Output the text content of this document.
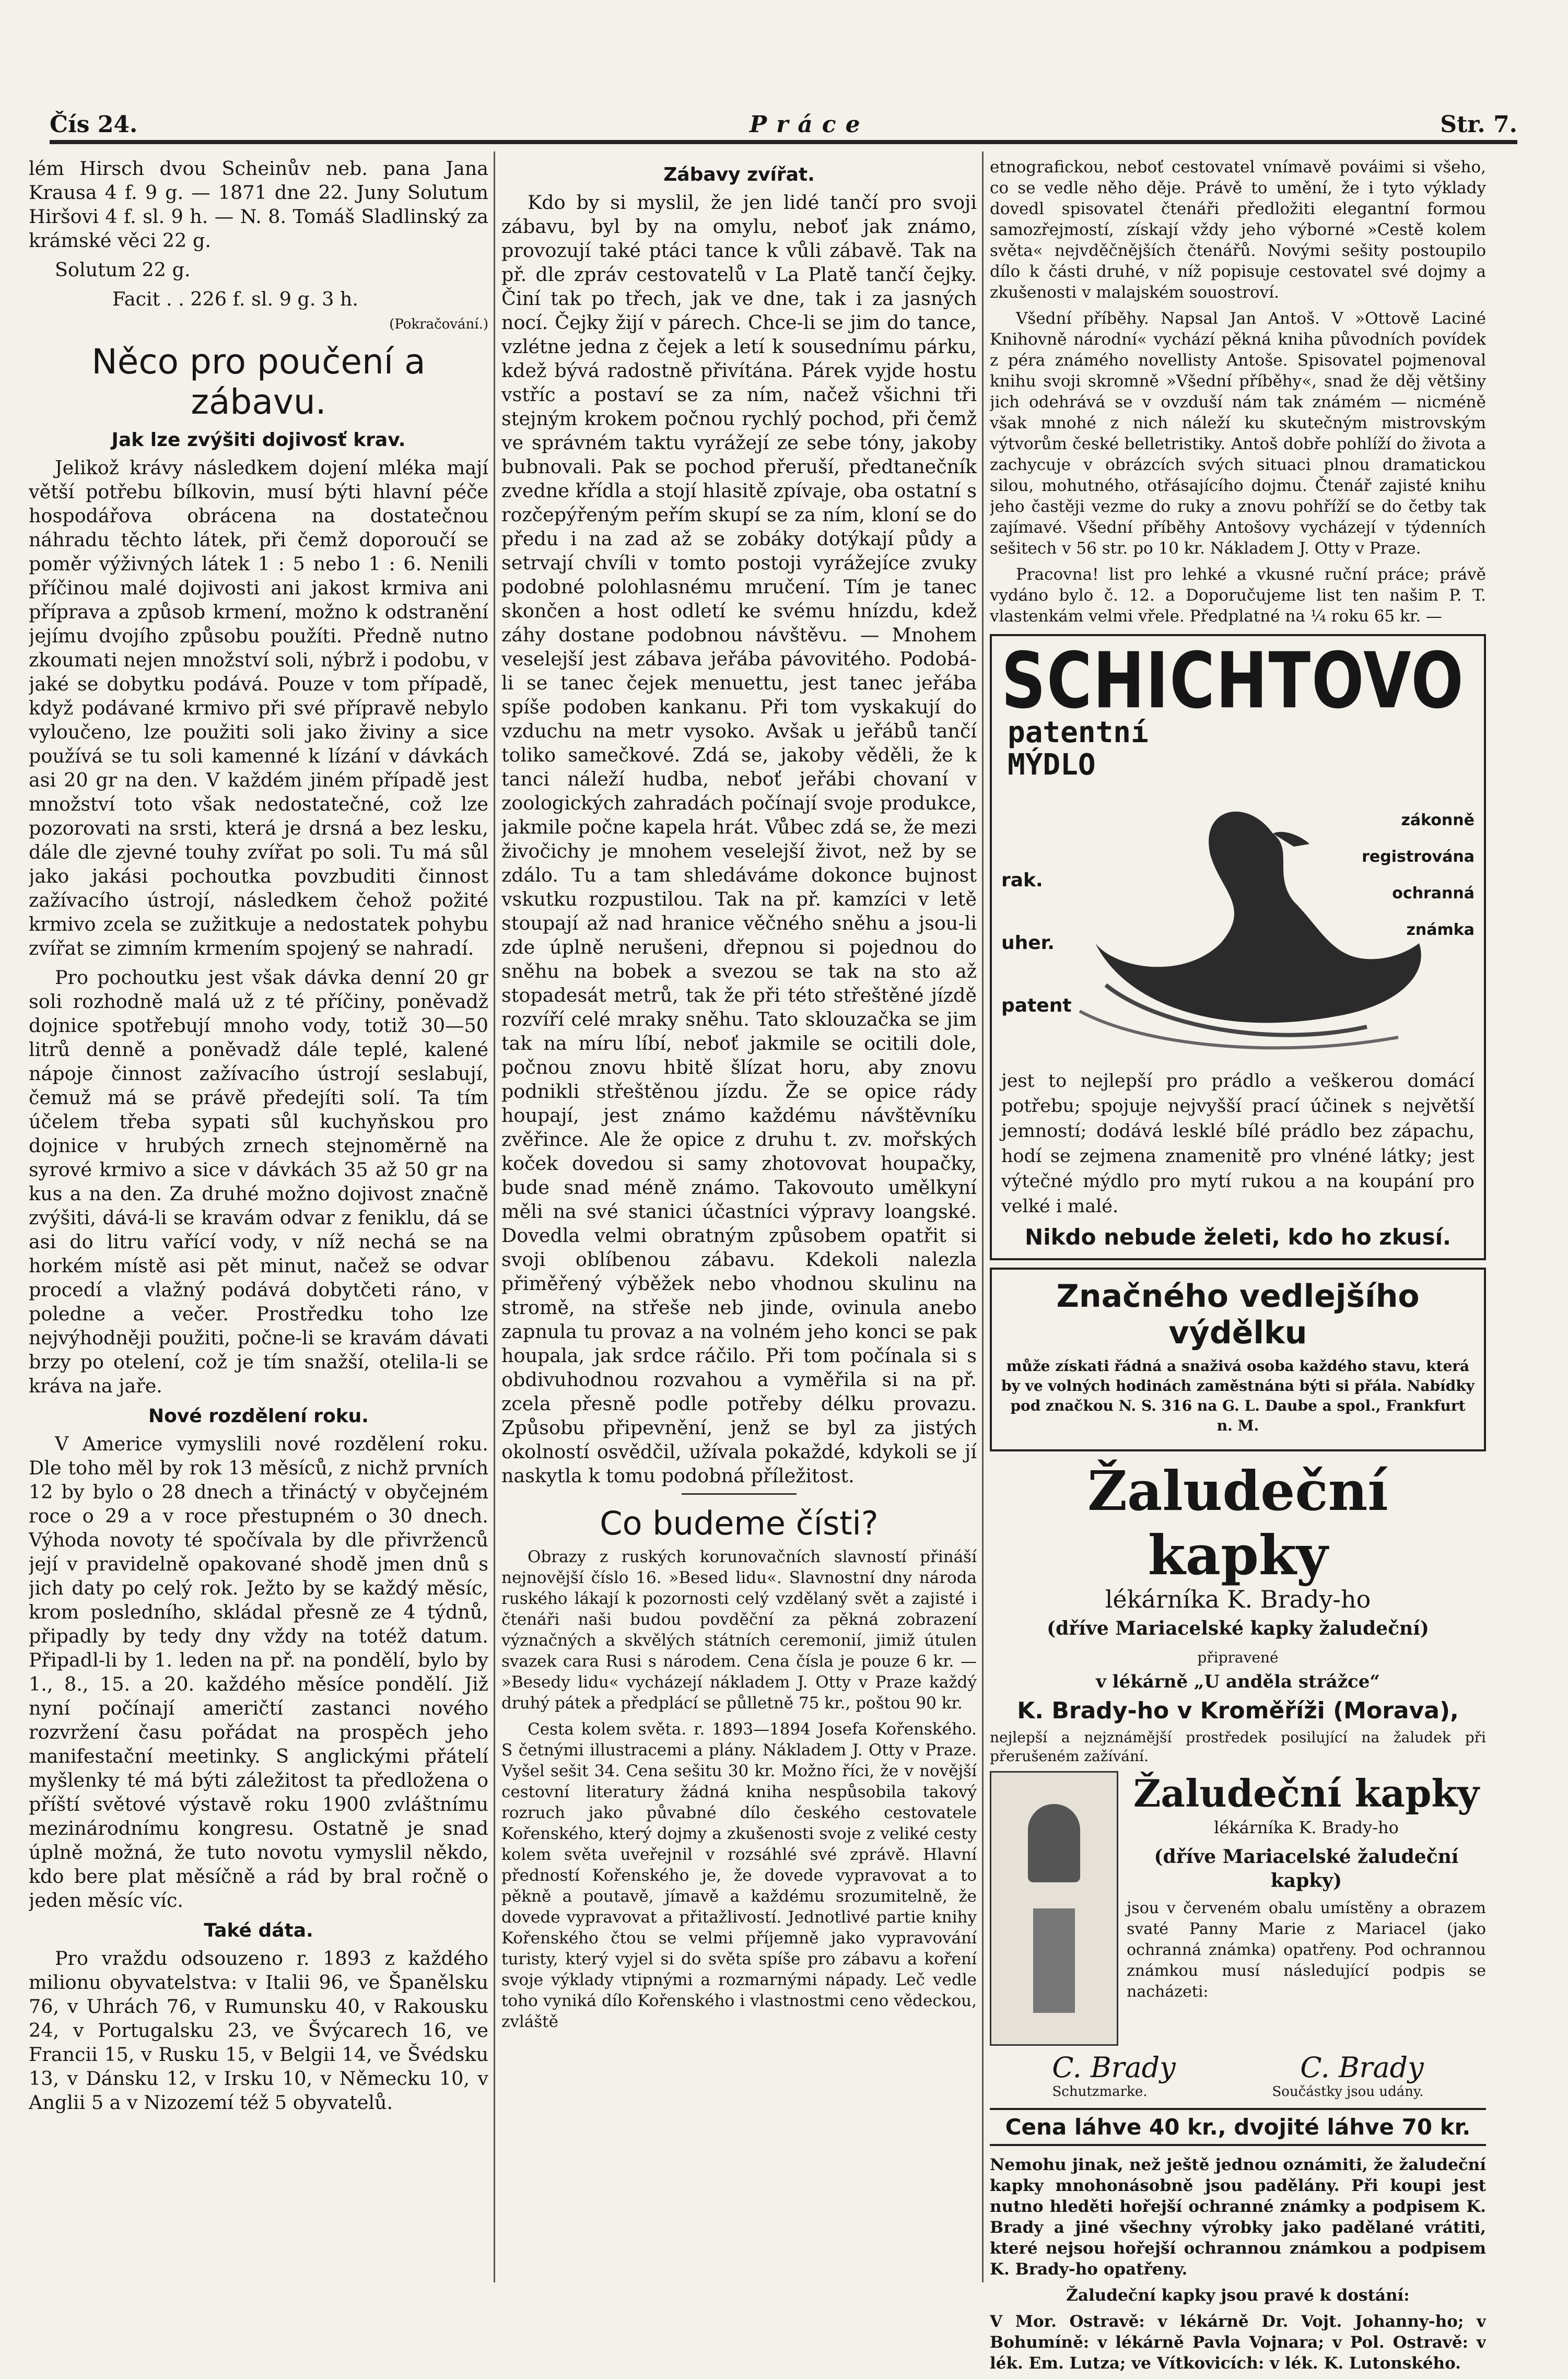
Čís 24.	Práce	Str. 7.

lém Hirsch dvou Scheinův neb. pana Jana Krausa 4 f. 9 g. — 1871 dne 22. Juny Solutum Hiršovi 4 f. sl. 9 h. — N. 8. Tomáš Sladlinský za krámské věci 22 g.

Solutum 22 g.

Facit . . 226 f. sl. 9 g. 3 h.

(Pokračování.)
Něco pro poučení a zábavu.
Jak lze zvýšiti dojivosť krav.

Jelikož krávy následkem dojení mléka mají větší potřebu bílkovin, musí býti hlavní péče hospodářova obrácena na dostatečnou náhradu těchto látek, při čemž doporoučí se poměr výživných látek 1 : 5 nebo 1 : 6. Nenili příčinou malé dojivosti ani jakost krmiva ani příprava a způsob krmení, možno k odstranění jejímu dvojího způsobu použíti. Předně nutno zkoumati nejen množství soli, nýbrž i podobu, v jaké se dobytku podává. Pouze v tom případě, když podávané krmivo při své přípravě nebylo vyloučeno, lze použiti soli jako živiny a sice používá se tu soli kamenné k lízání v dávkách asi 20 gr na den. V každém jiném případě jest množství toto však nedostatečné, což lze pozorovati na srsti, která je drsná a bez lesku, dále dle zjevné touhy zvířat po soli. Tu má sůl jako jakási pochoutka povzbuditi činnost zažívacího ústrojí, následkem čehož požité krmivo zcela se zužitkuje a nedostatek pohybu zvířat se zimním krmením spojený se nahradí.

Pro pochoutku jest však dávka denní 20 gr soli rozhodně malá už z té příčiny, poněvadž dojnice spotřebují mnoho vody, totiž 30—50 litrů denně a poněvadž dále teplé, kalené nápoje činnost zažívacího ústrojí seslabují, čemuž má se právě předejíti solí. Ta tím účelem třeba sypati sůl kuchyňskou pro dojnice v hrubých zrnech stejnoměrně na syrové krmivo a sice v dávkách 35 až 50 gr na kus a na den. Za druhé možno dojivost značně zvýšiti, dává-li se kravám odvar z feniklu, dá se asi do litru vařící vody, v níž nechá se na horkém místě asi pět minut, načež se odvar procedí a vlažný podává dobytčeti ráno, v poledne a večer. Prostředku toho lze nejvýhodněji použiti, počne-li se kravám dávati brzy po otelení, což je tím snažší, otelila-li se kráva na jaře.

Nové rozdělení roku.

V Americe vymyslili nové rozdělení roku. Dle toho měl by rok 13 měsíců, z nichž prvních 12 by bylo o 28 dnech a třináctý v obyčejném roce o 29 a v roce přestupném o 30 dnech. Výhoda novoty té spočívala by dle přivrženců její v pravidelně opakované shodě jmen dnů s jich daty po celý rok. Ježto by se každý měsíc, krom posledního, skládal přesně ze 4 týdnů, připadly by tedy dny vždy na totéž datum. Připadl-li by 1. leden na př. na pondělí, bylo by 1., 8., 15. a 20. každého měsíce pondělí. Již nyní počínají američtí zastanci nového rozvržení času pořádat na prospěch jeho manifestační meetinky. S anglickými přátelí myšlenky té má býti záležitost ta předložena o příští světové výstavě roku 1900 zvláštnímu mezinárodnímu kongresu. Ostatně je snad úplně možná, že tuto novotu vymyslil někdo, kdo bere plat měsíčně a rád by bral ročně o jeden měsíc víc.

Také dáta.

Pro vraždu odsouzeno r. 1893 z každého milionu obyvatelstva: v Italii 96, ve Španělsku 76, v Uhrách 76, v Rumunsku 40, v Rakousku 24, v Portugalsku 23, ve Švýcarech 16, ve Francii 15, v Rusku 15, v Belgii 14, ve Švédsku 13, v Dánsku 12, v Irsku 10, v Německu 10, v Anglii 5 a v Nizozemí též 5 obyvatelů.

Zábavy zvířat.

Kdo by si myslil, že jen lidé tančí pro svoji zábavu, byl by na omylu, neboť jak známo, provozují také ptáci tance k vůli zábavě. Tak na př. dle zpráv cestovatelů v La Platě tančí čejky. Činí tak po třech, jak ve dne, tak i za jasných nocí. Čejky žijí v párech. Chce-li se jim do tance, vzlétne jedna z čejek a letí k sousednímu párku, kdež bývá radostně přivítána. Párek vyjde hostu vstříc a postaví se za ním, načež všichni tři stejným krokem počnou rychlý pochod, při čemž ve správném taktu vyrážejí ze sebe tóny, jakoby bubnovali. Pak se pochod přeruší, předtanečník zvedne křídla a stojí hlasitě zpívaje, oba ostatní s rozčepýřeným peřím skupí se za ním, kloní se do předu i na zad až se zobáky dotýkají půdy a setrvají chvíli v tomto postoji vyrážejíce zvuky podobné polohlasnému mručení. Tím je tanec skončen a host odletí ke svému hnízdu, kdež záhy dostane podobnou návštěvu. — Mnohem veselejší jest zábava jeřába pávovitého. Podobá-li se tanec čejek menuettu, jest tanec jeřába spíše podoben kankanu. Při tom vyskakují do vzduchu na metr vysoko. Avšak u jeřábů tančí toliko samečkové. Zdá se, jakoby věděli, že k tanci náleží hudba, neboť jeřábi chovaní v zoologických zahradách počínají svoje produkce, jakmile počne kapela hrát. Vůbec zdá se, že mezi živočichy je mnohem veselejší život, než by se zdálo. Tu a tam shledáváme dokonce bujnost vskutku rozpustilou. Tak na př. kamzíci v letě stoupají až nad hranice věčného sněhu a jsou-li zde úplně nerušeni, dřepnou si pojednou do sněhu na bobek a svezou se tak na sto až stopadesát metrů, tak že při této střeštěné jízdě rozvíří celé mraky sněhu. Tato sklouzačka se jim tak na míru líbí, neboť jakmile se ocitili dole, počnou znovu hbitě šlízat horu, aby znovu podnikli střeštěnou jízdu. Že se opice rády houpají, jest známo každému návštěvníku zvěřince. Ale že opice z druhu t. zv. mořských koček dovedou si samy zhotovovat houpačky, bude snad méně známo. Takovouto umělkyní měli na své stanici účastníci výpravy loangské. Dovedla velmi obratným způsobem opatřit si svoji oblíbenou zábavu. Kdekoli nalezla přiměřený výběžek nebo vhodnou skulinu na stromě, na střeše neb jinde, ovinula anebo zapnula tu provaz a na volném jeho konci se pak houpala, jak srdce ráčilo. Při tom počínala si s obdivuhodnou rozvahou a vyměřila si na př. zcela přesně podle potřeby délku provazu. Způsobu připevnění, jenž se byl za jistých okolností osvědčil, užívala pokaždé, kdykoli se jí naskytla k tomu podobná příležitost.

Co budeme čísti?

Obrazy z ruských korunovačních slavností přináší nejnovější číslo 16. »Besed lidu«. Slavnostní dny národa ruského lákají k pozornosti celý vzdělaný svět a zajisté i čtenáři naši budou povděční za pěkná zobrazení význačných a skvělých státních ceremonií, jimiž útulen svazek cara Rusi s národem. Cena čísla je pouze 6 kr. — »Besedy lidu« vycházejí nákladem J. Otty v Praze každý druhý pátek a předplácí se půlletně 75 kr., poštou 90 kr.

Cesta kolem světa. r. 1893—1894 Josefa Kořenského. S četnými illustracemi a plány. Nákladem J. Otty v Praze. Vyšel sešit 34. Cena sešitu 30 kr. Možno říci, že v novější cestovní literatury žádná kniha nespůsobila takový rozruch jako půvabné dílo českého cestovatele Kořenského, který dojmy a zkušenosti svoje z veliké cesty kolem světa uveřejnil v rozsáhlé své zprávě. Hlavní předností Kořenského je, že dovede vypravovat a to pěkně a poutavě, jímavě a každému srozumitelně, že dovede vypravovat a přitažlivostí. Jednotlivé partie knihy Kořenského čtou se velmi příjemně jako vypravování turisty, který vyjel si do světa spíše pro zábavu a koření svoje výklady vtipnými a rozmarnými nápady. Leč vedle toho vyniká dílo Kořenského i vlastnostmi ceno vědeckou, zvláště

etnografickou, neboť cestovatel vnímavě pováimi si všeho, co se vedle něho děje. Právě to umění, že i tyto výklady dovedl spisovatel čtenáři předložiti elegantní formou samozřejmostí, získají vždy jeho výborné »Cestě kolem světa« nejvděčnějších čtenářů. Novými sešity postoupilo dílo k části druhé, v níž popisuje cestovatel své dojmy a zkušenosti v malajském souostroví.

Všední příběhy. Napsal Jan Antoš. V »Ottově Laciné Knihovně národní« vychází pěkná kniha původních povídek z péra známého novellisty Antoše. Spisovatel pojmenoval knihu svoji skromně »Všední příběhy«, snad že děj většiny jich odehrává se v ovzduší nám tak známém — nicméně však mnohé z nich náleží ku skutečným mistrovským výtvorům české belletristiky. Antoš dobře pohlíží do života a zachycuje v obrázcích svých situaci plnou dramatickou silou, mohutného, otřásajícího dojmu. Čtenář zajisté knihu jeho častěji vezme do ruky a znovu pohříží se do četby tak zajímavé. Všední příběhy Antošovy vycházejí v týdenních sešitech v 56 str. po 10 kr. Nákladem J. Otty v Praze.

Pracovna! list pro lehké a vkusné ruční práce; právě vydáno bylo č. 12. a Doporučujeme list ten našim P. T. vlastenkám velmi vřele. Předplatné na ¼ roku 65 kr. —

SCHICHTOVO patentní
MÝDLO
rak.
uher.
patent
zákonně
registrována
ochranná
známka

jest to nejlepší pro prádlo a veškerou domácí potřebu; spojuje nejvyšší prací účinek s největší jemností; dodává lesklé bílé prádlo bez zápachu, hodí se zejmena znamenitě pro vlnéné látky; jest výtečné mýdlo pro mytí rukou a na koupání pro velké i malé.

Nikdo nebude želeti, kdo ho zkusí.
Značného vedlejšího výdělku

může získati řádná a snaživá osoba každého stavu, která by ve volných hodinách zaměstnána býti si přála. Nabídky pod značkou N. S. 316 na G. L. Daube a spol., Frankfurt n. M.

Žaludeční kapky

lékárníka K. Brady-ho

(dříve Mariacelské kapky žaludeční)

připravené

v lékárně „U anděla strážce“

K. Brady-ho v Kroměříži (Morava),

nejlepší a nejznámější prostředek posilující na žaludek při přerušeném zažívání.

Žaludeční kapky

lékárníka K. Brady-ho

(dříve Mariacelské žaludeční kapky)

jsou v červeném obalu umístěny a obrazem svaté Panny Marie z Mariacel (jako ochranná známka) opatřeny. Pod ochrannou známkou musí následující podpis se nacházeti:

C. Brady	C. Brady
Schutzmarke.	Součástky jsou udány.
Cena láhve 40 kr., dvojité láhve 70 kr.

Nemohu jinak, než ještě jednou oznámiti, že žaludeční kapky mnohonásobně jsou padělány. Při koupi jest nutno hleděti hořejší ochranné známky a podpisem K. Brady a jiné všechny výrobky jako padělané vrátiti, které nejsou hořejší ochrannou známkou a podpisem K. Brady-ho opatřeny.

Žaludeční kapky jsou pravé k dostání:

V Mor. Ostravě: v lékárně Dr. Vojt. Johanny-ho; v Bohumíně: v lékárně Pavla Vojnara; v Pol. Ostravě: v lék. Em. Lutza; ve Vítkovicích: v lék. K. Lutonského.
